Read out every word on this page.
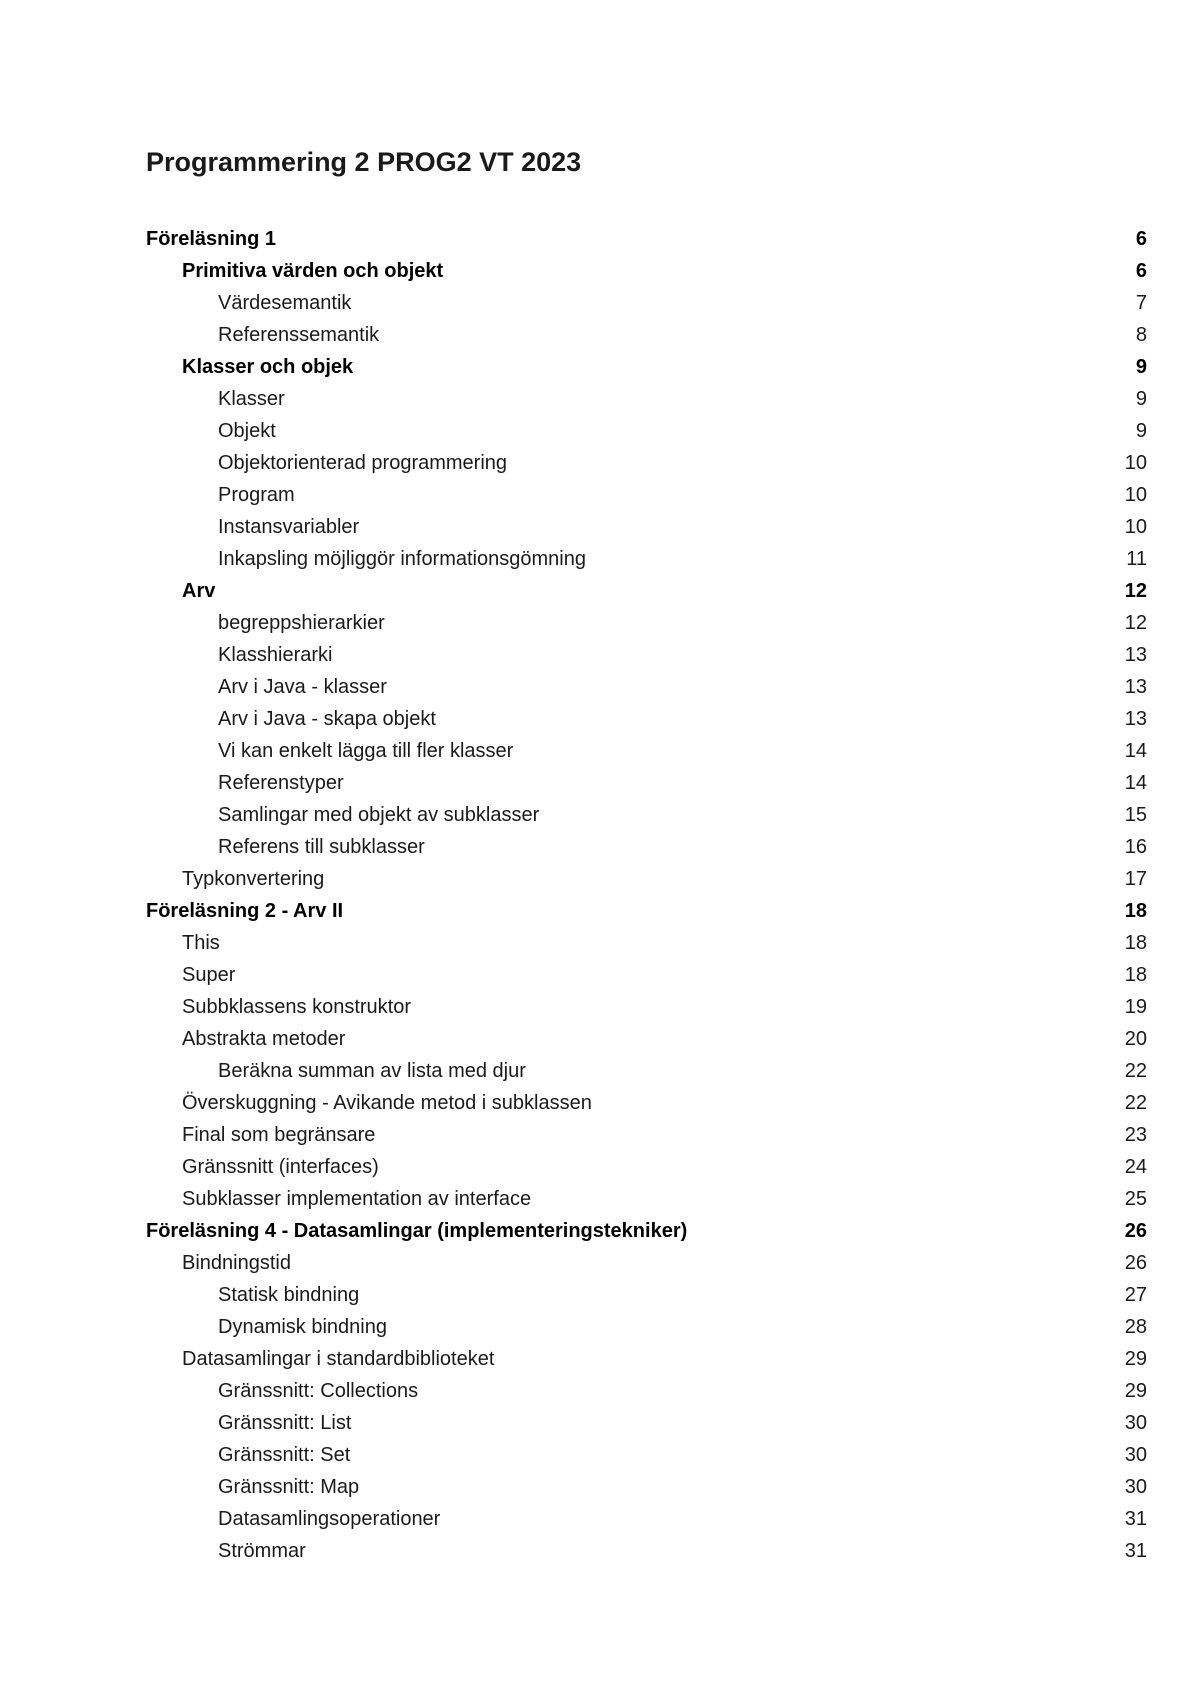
Programmering 2 PROG2 VT 2023
Föreläsning 1	6
Primitiva värden och objekt	6
Värdesemantik	7
Referenssemantik	8
Klasser och objek	9
Klasser	9
Objekt	9
Objektorienterad programmering	10
Program	10
Instansvariabler	10
Inkapsling möjliggör informationsgömning	11
Arv	12
begreppshierarkier	12
Klasshierarki	13
Arv i Java - klasser	13
Arv i Java - skapa objekt	13
Vi kan enkelt lägga till fler klasser	14
Referenstyper	14
Samlingar med objekt av subklasser	15
Referens till subklasser	16
Typkonvertering	17
Föreläsning 2 - Arv II	18
This	18
Super	18
Subbklassens konstruktor	19
Abstrakta metoder	20
Beräkna summan av lista med djur	22
Överskuggning - Avikande metod i subklassen	22
Final som begränsare	23
Gränssnitt (interfaces)	24
Subklasser implementation av interface	25
Föreläsning 4 - Datasamlingar (implementeringstekniker)	26
Bindningstid	26
Statisk bindning	27
Dynamisk bindning	28
Datasamlingar i standardbiblioteket	29
Gränssnitt: Collections	29
Gränssnitt: List	30
Gränssnitt: Set	30
Gränssnitt: Map	30
Datasamlingsoperationer	31
Strömmar	31
